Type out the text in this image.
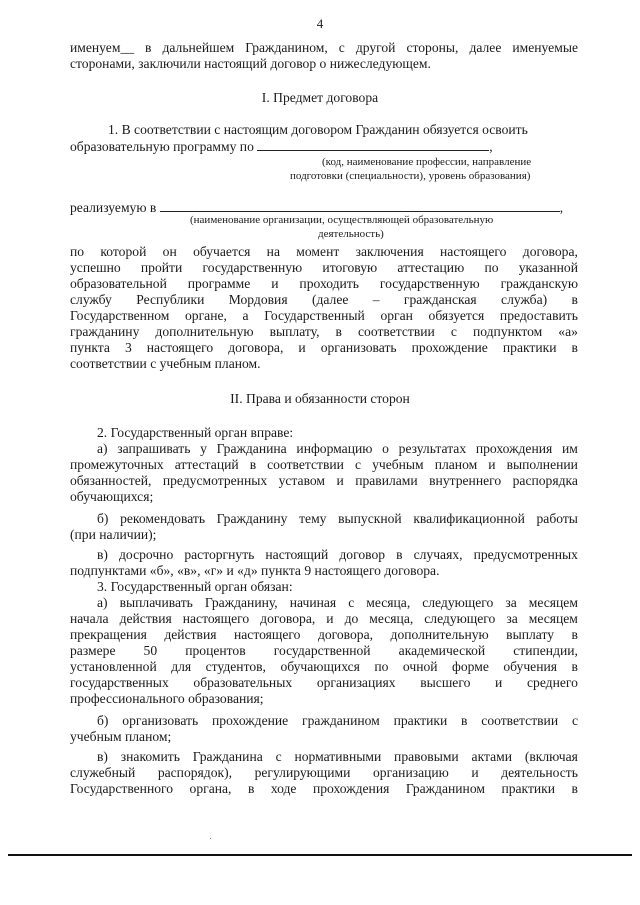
4
именуем__ в дальнейшем Гражданином, с другой стороны, далее именуемые
сторонами, заключили настоящий договор о нижеследующем.
I. Предмет договора
1. В соответствии с настоящим договором Гражданин обязуется освоить
образовательную программу по	,
(код, наименование профессии, направление
подготовки (специальности), уровень образования)
реализуемую в	,
(наименование организации, осуществляющей образовательную
деятельность)
по которой он обучается на момент заключения настоящего договора,
успешно пройти государственную итоговую аттестацию по указанной
образовательной программе и проходить государственную гражданскую
службу Республики Мордовия (далее – гражданская служба) в
Государственном органе, а Государственный орган обязуется предоставить
гражданину дополнительную выплату, в соответствии с подпунктом «а»
пункта 3 настоящего договора, и организовать прохождение практики в
соответствии с учебным планом.
II. Права и обязанности сторон
2. Государственный орган вправе:
а) запрашивать у Гражданина информацию о результатах прохождения им
промежуточных аттестаций в соответствии с учебным планом и выполнении
обязанностей, предусмотренных уставом и правилами внутреннего распорядка
обучающихся;
б) рекомендовать Гражданину тему выпускной квалификационной работы
(при наличии);
в) досрочно расторгнуть настоящий договор в случаях, предусмотренных
подпунктами «б», «в», «г» и «д» пункта 9 настоящего договора.
3. Государственный орган обязан:
а) выплачивать Гражданину, начиная с месяца, следующего за месяцем
начала действия настоящего договора, и до месяца, следующего за месяцем
прекращения действия настоящего договора, дополнительную выплату в
размере 50 процентов государственной академической стипендии,
установленной для студентов, обучающихся по очной форме обучения в
государственных образовательных организациях высшего и среднего
профессионального образования;
б) организовать прохождение гражданином практики в соответствии с
учебным планом;
в) знакомить Гражданина с нормативными правовыми актами (включая
служебный распорядок), регулирующими организацию и деятельность
Государственного органа, в ходе прохождения Гражданином практики в
